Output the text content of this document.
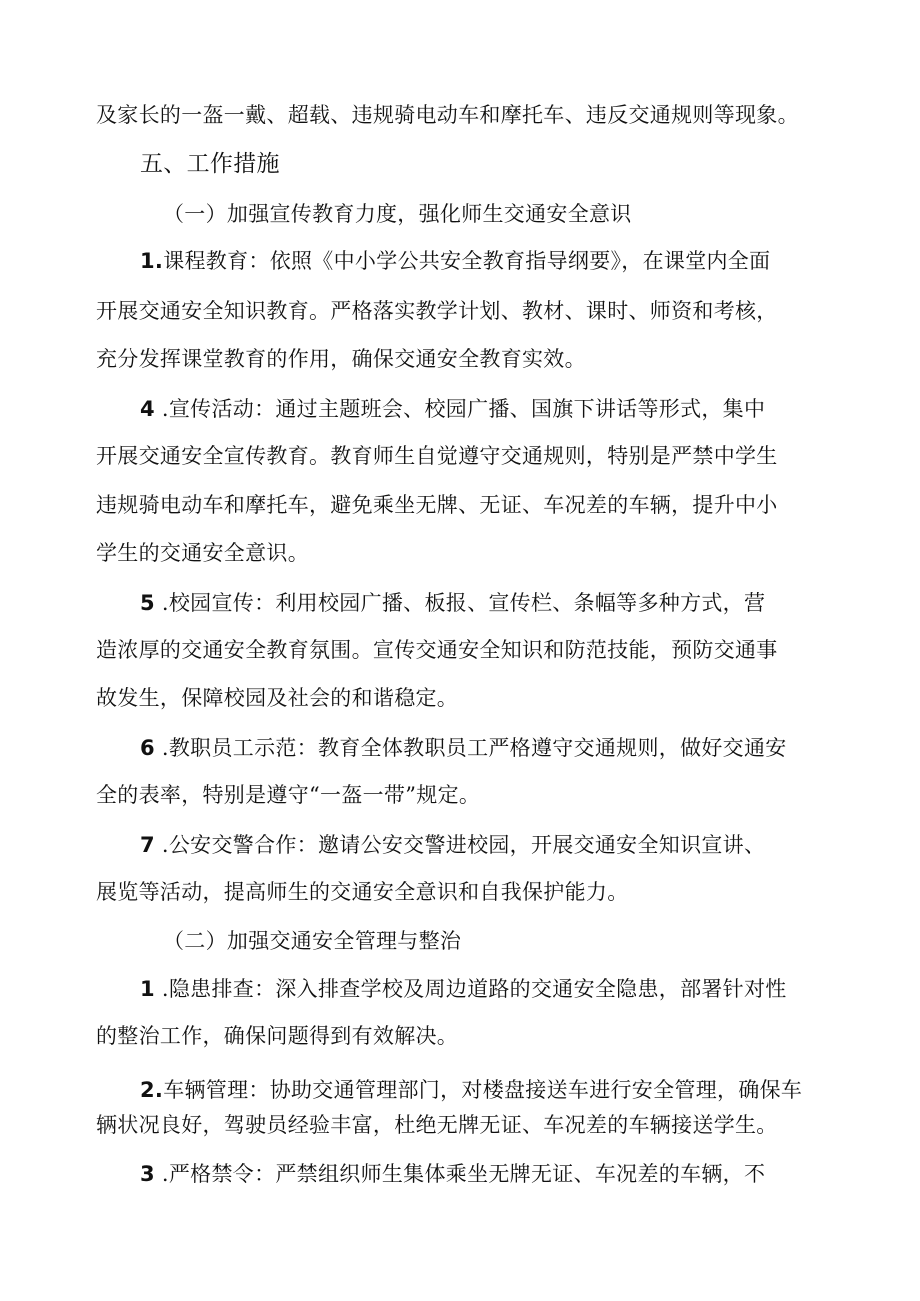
及家长的一盔一戴、超载、违规骑电动车和摩托车、违反交通规则等现象。
五、工作措施
（一）加强宣传教育力度，强化师生交通安全意识
1.课程教育：依照《中小学公共安全教育指导纲要》，在课堂内全面
开展交通安全知识教育。严格落实教学计划、教材、课时、师资和考核，
充分发挥课堂教育的作用，确保交通安全教育实效。
4 .宣传活动：通过主题班会、校园广播、国旗下讲话等形式，集中
开展交通安全宣传教育。教育师生自觉遵守交通规则，特别是严禁中学生
违规骑电动车和摩托车，避免乘坐无牌、无证、车况差的车辆，提升中小
学生的交通安全意识。
5 .校园宣传：利用校园广播、板报、宣传栏、条幅等多种方式，营
造浓厚的交通安全教育氛围。宣传交通安全知识和防范技能，预防交通事
故发生，保障校园及社会的和谐稳定。
6 .教职员工示范：教育全体教职员工严格遵守交通规则，做好交通安
全的表率，特别是遵守“一盔一带”规定。
7 .公安交警合作：邀请公安交警进校园，开展交通安全知识宣讲、
展览等活动，提高师生的交通安全意识和自我保护能力。
（二）加强交通安全管理与整治
1 .隐患排查：深入排查学校及周边道路的交通安全隐患，部署针对性
的整治工作，确保问题得到有效解决。
2.车辆管理：协助交通管理部门，对楼盘接送车进行安全管理，确保车
辆状况良好，驾驶员经验丰富，杜绝无牌无证、车况差的车辆接送学生。
3 .严格禁令：严禁组织师生集体乘坐无牌无证、车况差的车辆，不
